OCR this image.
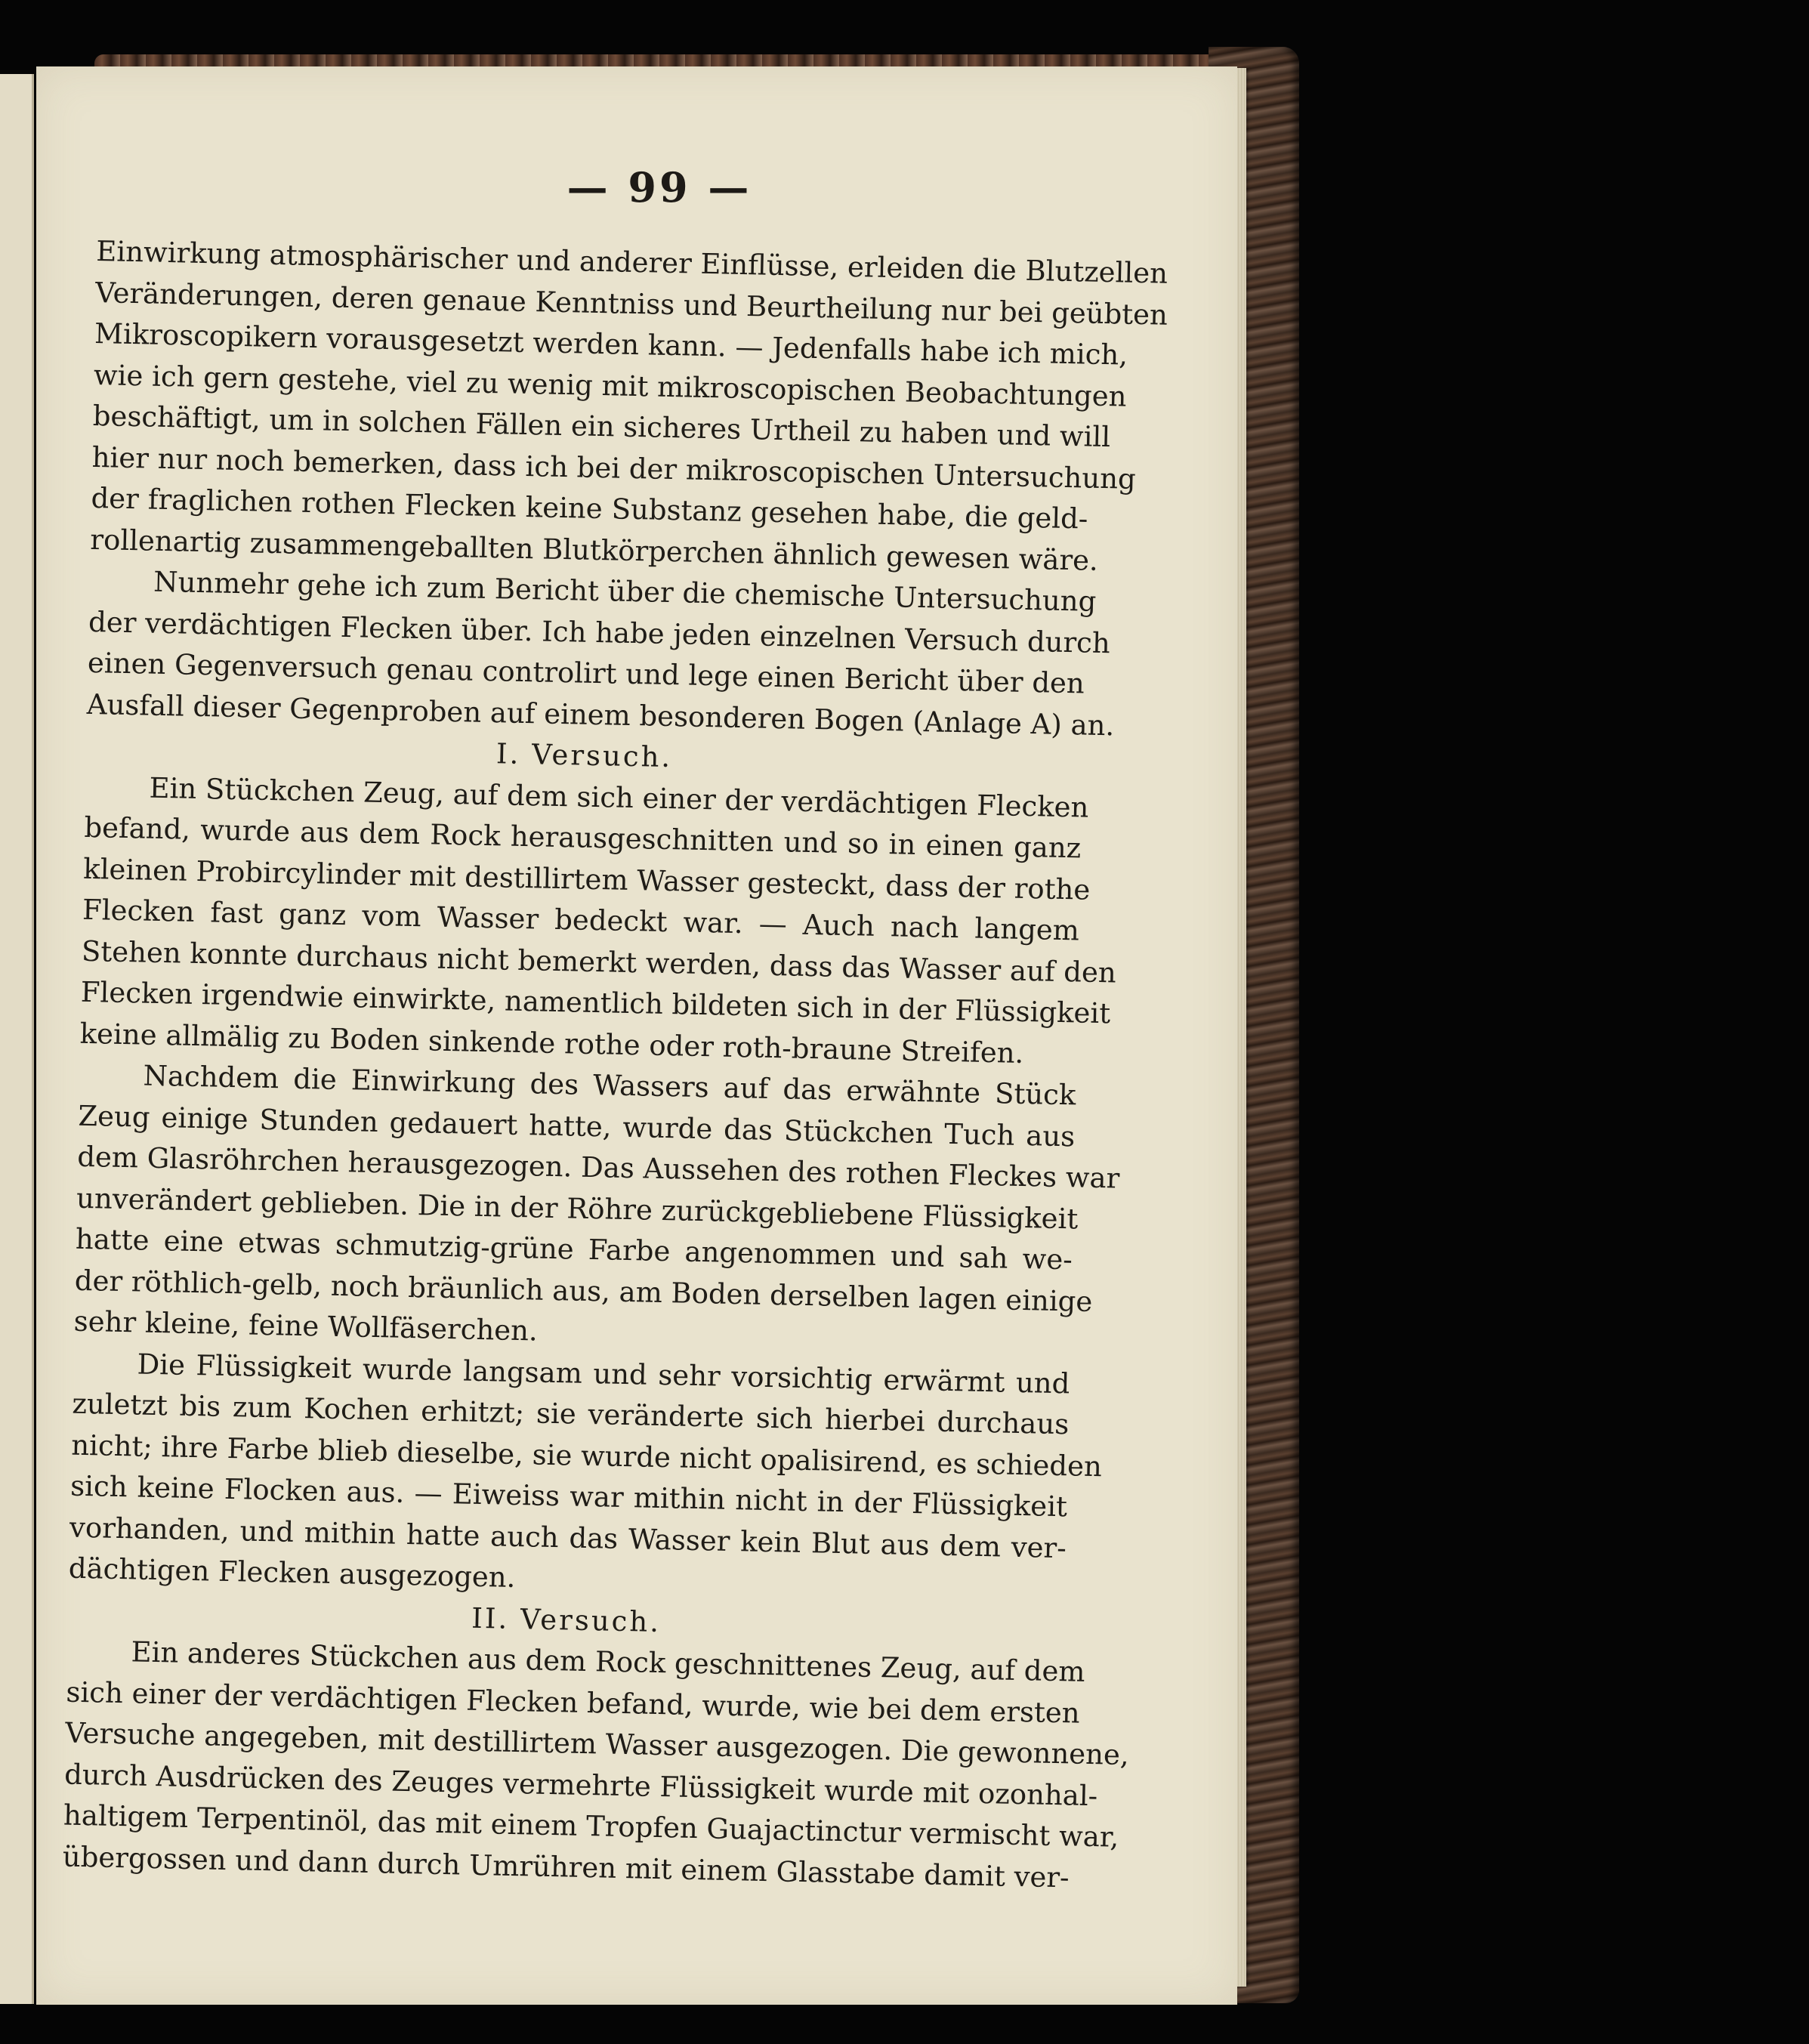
— 99 —
Einwirkung atmosphärischer und anderer Einflüsse, erleiden die Blutzellen
Veränderungen, deren genaue Kenntniss und Beurtheilung nur bei geübten
Mikroscopikern vorausgesetzt werden kann. — Jedenfalls habe ich mich,
wie ich gern gestehe, viel zu wenig mit mikroscopischen Beobachtungen
beschäftigt, um in solchen Fällen ein sicheres Urtheil zu haben und will
hier nur noch bemerken, dass ich bei der mikroscopischen Untersuchung
der fraglichen rothen Flecken keine Substanz gesehen habe, die geld-
rollenartig zusammengeballten Blutkörperchen ähnlich gewesen wäre.
Nunmehr gehe ich zum Bericht über die chemische Untersuchung
der verdächtigen Flecken über. Ich habe jeden einzelnen Versuch durch
einen Gegenversuch genau controlirt und lege einen Bericht über den
Ausfall dieser Gegenproben auf einem besonderen Bogen (Anlage A) an.
I. Versuch.
Ein Stückchen Zeug, auf dem sich einer der verdächtigen Flecken
befand, wurde aus dem Rock herausgeschnitten und so in einen ganz
kleinen Probircylinder mit destillirtem Wasser gesteckt, dass der rothe
Flecken fast ganz vom Wasser bedeckt war. — Auch nach langem
Stehen konnte durchaus nicht bemerkt werden, dass das Wasser auf den
Flecken irgendwie einwirkte, namentlich bildeten sich in der Flüssigkeit
keine allmälig zu Boden sinkende rothe oder roth-braune Streifen.
Nachdem die Einwirkung des Wassers auf das erwähnte Stück
Zeug einige Stunden gedauert hatte, wurde das Stückchen Tuch aus
dem Glasröhrchen herausgezogen. Das Aussehen des rothen Fleckes war
unverändert geblieben. Die in der Röhre zurückgebliebene Flüssigkeit
hatte eine etwas schmutzig-grüne Farbe angenommen und sah we-
der röthlich-gelb, noch bräunlich aus, am Boden derselben lagen einige
sehr kleine, feine Wollfäserchen.
Die Flüssigkeit wurde langsam und sehr vorsichtig erwärmt und
zuletzt bis zum Kochen erhitzt; sie veränderte sich hierbei durchaus
nicht; ihre Farbe blieb dieselbe, sie wurde nicht opalisirend, es schieden
sich keine Flocken aus. — Eiweiss war mithin nicht in der Flüssigkeit
vorhanden, und mithin hatte auch das Wasser kein Blut aus dem ver-
dächtigen Flecken ausgezogen.
II. Versuch.
Ein anderes Stückchen aus dem Rock geschnittenes Zeug, auf dem
sich einer der verdächtigen Flecken befand, wurde, wie bei dem ersten
Versuche angegeben, mit destillirtem Wasser ausgezogen. Die gewonnene,
durch Ausdrücken des Zeuges vermehrte Flüssigkeit wurde mit ozonhal-
haltigem Terpentinöl, das mit einem Tropfen Guajactinctur vermischt war,
übergossen und dann durch Umrühren mit einem Glasstabe damit ver-
